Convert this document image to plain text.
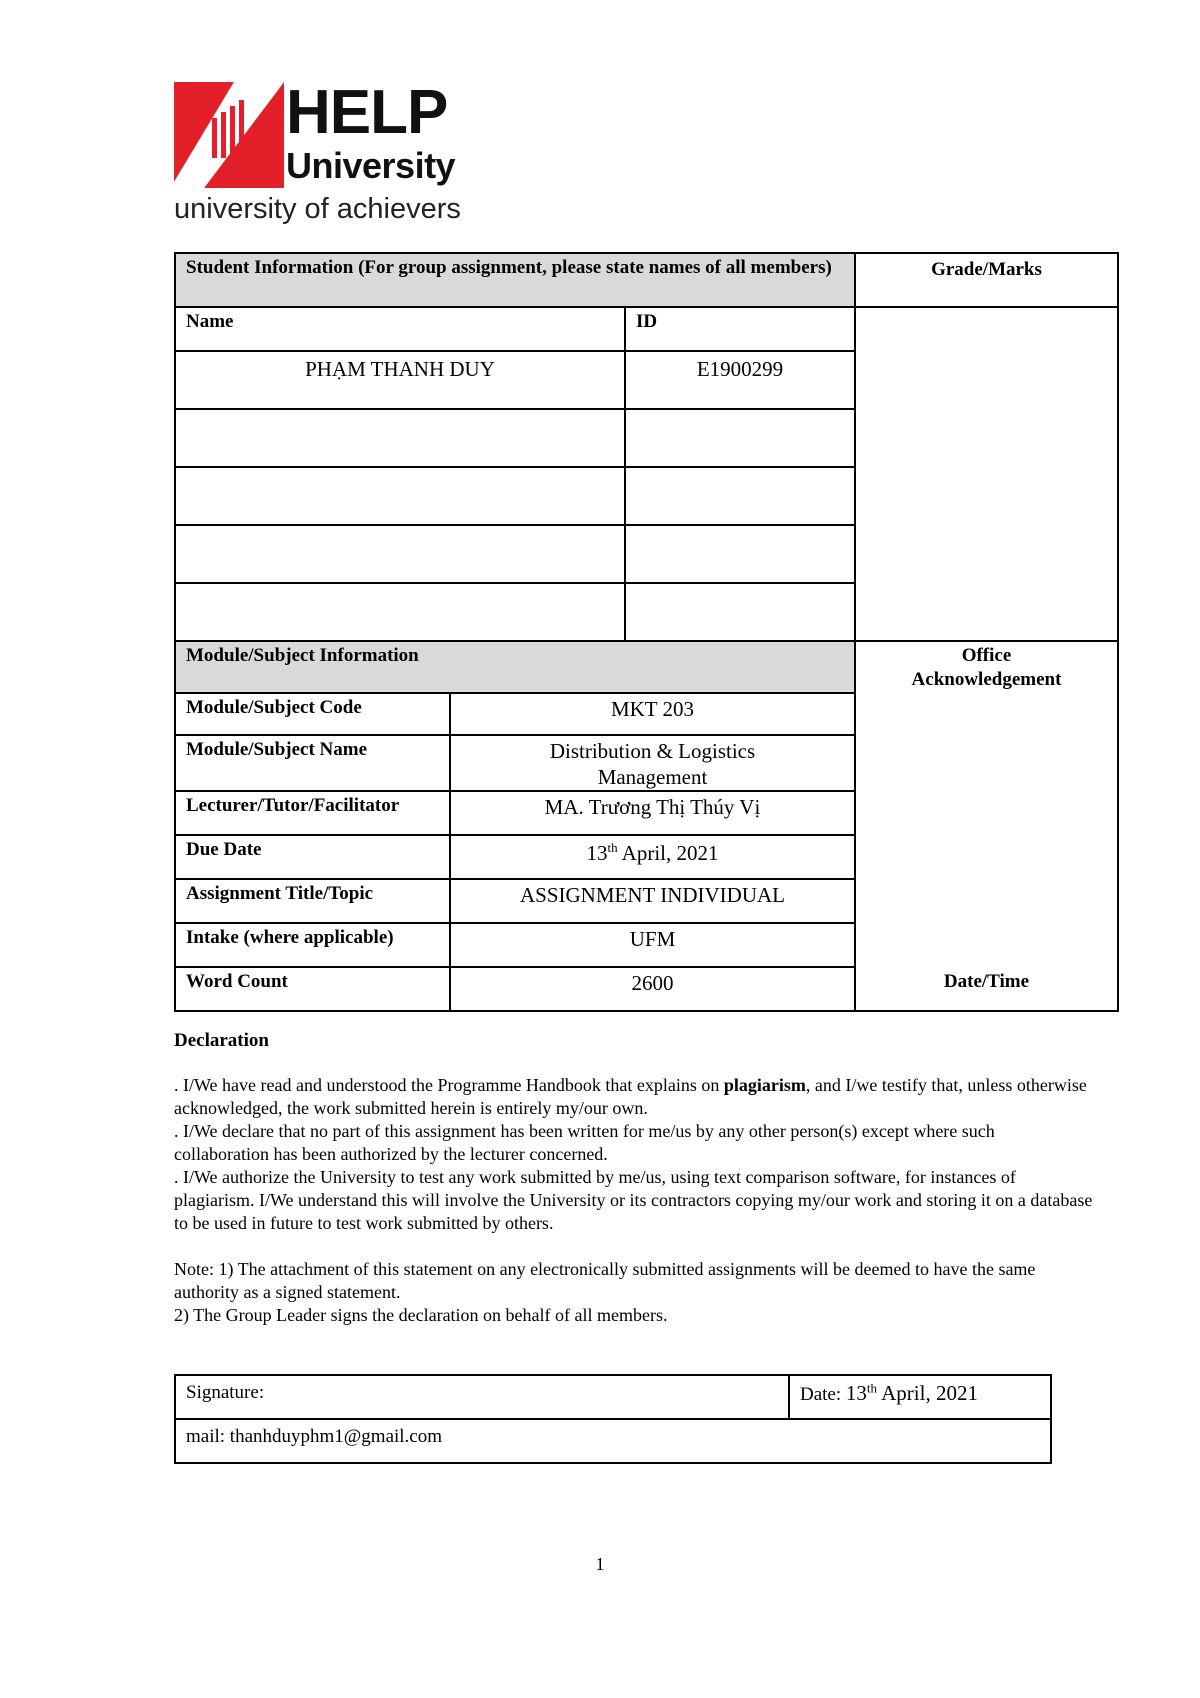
HELP
University
university of achievers
Student Information (For group assignment, please state names of all members)	Grade/Marks
Name	ID
PHẠM THANH DUY	E1900299
Module/Subject Information	Office Acknowledgement
Date/Time
Module/Subject Code	MKT 203
Module/Subject Name	Distribution & Logistics Management
Lecturer/Tutor/Facilitator	MA. Trương Thị Thúy Vị
Due Date	13th April, 2021
Assignment Title/Topic	ASSIGNMENT INDIVIDUAL
Intake (where applicable)	UFM
Word Count	2600
Declaration

. I/We have read and understood the Programme Handbook that explains on plagiarism, and I/we testify that, unless otherwise acknowledged, the work submitted herein is entirely my/our own.

. I/We declare that no part of this assignment has been written for me/us by any other person(s) except where such collaboration has been authorized by the lecturer concerned.

. I/We authorize the University to test any work submitted by me/us, using text comparison software, for instances of plagiarism. I/We understand this will involve the University or its contractors copying my/our work and storing it on a database to be used in future to test work submitted by others.

Note: 1) The attachment of this statement on any electronically submitted assignments will be deemed to have the same authority as a signed statement.

2) The Group Leader signs the declaration on behalf of all members.

Signature:	Date: 13th April, 2021
mail: thanhduyphm1@gmail.com
1
